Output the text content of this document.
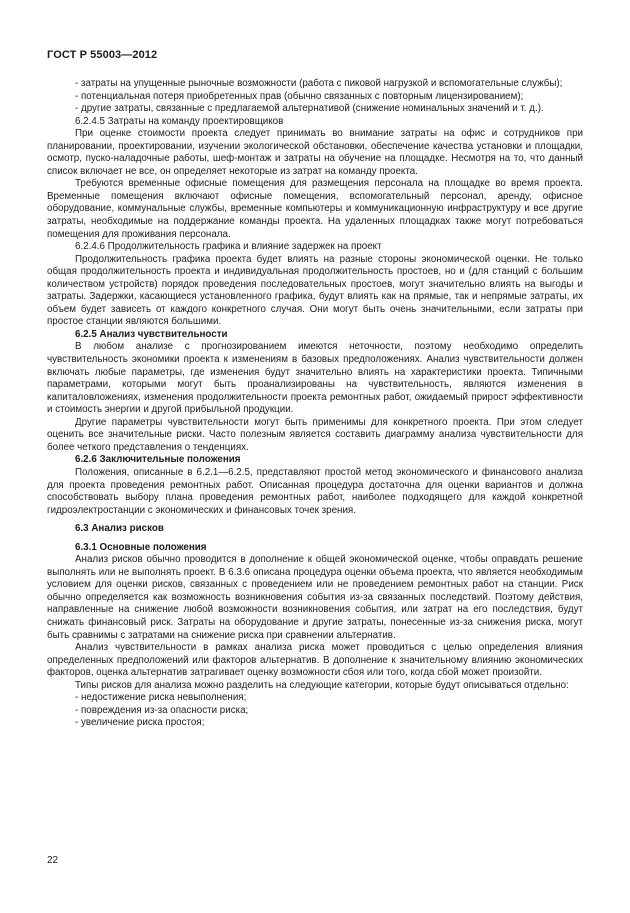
ГОСТ Р 55003—2012

- затраты на упущенные рыночные возможности (работа с пиковой нагрузкой и вспомогательные службы);

- потенциальная потеря приобретенных прав (обычно связанных с повторным лицензированием);

- другие затраты, связанные с предлагаемой альтернативой (снижение номинальных значений и т. д.).

6.2.4.5 Затраты на команду проектировщиков

При оценке стоимости проекта следует принимать во внимание затраты на офис и сотрудников при планировании, проектировании, изучении экологической обстановки, обеспечение качества установки и площадки, осмотр, пуско-наладочные работы, шеф-монтаж и затраты на обучение на площадке. Несмотря на то, что данный список включает не все, он определяет некоторые из затрат на команду проекта.

Требуются временные офисные помещения для размещения персонала на площадке во время проекта. Временные помещения включают офисные помещения, вспомогательный персонал, аренду, офисное оборудование, коммунальные службы, временные компьютеры и коммуникационную инфраструктуру и все другие затраты, необходимые на поддержание команды проекта. На удаленных площадках также могут потребоваться помещения для проживания персонала.

6.2.4.6 Продолжительность графика и влияние задержек на проект

Продолжительность графика проекта будет влиять на разные стороны экономической оценки. Не только общая продолжительность проекта и индивидуальная продолжительность простоев, но и (для станций с большим количеством устройств) порядок проведения последовательных простоев, могут значительно влиять на выгоды и затраты. Задержки, касающиеся установленного графика, будут влиять как на прямые, так и непрямые затраты, их объем будет зависеть от каждого конкретного случая. Они могут быть очень значительными, если затраты при простое станции являются большими.

6.2.5 Анализ чувствительности

В любом анализе с прогнозированием имеются неточности, поэтому необходимо определить чувствительность экономики проекта к изменениям в базовых предположениях. Анализ чувствительности должен включать любые параметры, где изменения будут значительно влиять на характеристики проекта. Типичными параметрами, которыми могут быть проанализированы на чувствительность, являются изменения в капиталовложениях, изменения продолжительности проекта ремонтных работ, ожидаемый прирост эффективности и стоимость энергии и другой прибыльной продукции.

Другие параметры чувствительности могут быть применимы для конкретного проекта. При этом следует оценить все значительные риски. Часто полезным является составить диаграмму анализа чувствительности для более четкого представления о тенденциях.

6.2.6 Заключительные положения

Положения, описанные в 6.2.1—6.2.5, представляют простой метод экономического и финансового анализа для проекта проведения ремонтных работ. Описанная процедура достаточна для оценки вариантов и должна способствовать выбору плана проведения ремонтных работ, наиболее подходящего для каждой конкретной гидроэлектростанции с экономических и финансовых точек зрения.

6.3 Анализ рисков

6.3.1 Основные положения

Анализ рисков обычно проводится в дополнение к общей экономической оценке, чтобы оправдать решение выполнять или не выполнять проект. В 6.3.6 описана процедура оценки объема проекта, что является необходимым условием для оценки рисков, связанных с проведением или не проведением ремонтных работ на станции. Риск обычно определяется как возможность возникновения события из-за связанных последствий. Поэтому действия, направленные на снижение любой возможности возникновения события, или затрат на его последствия, будут снижать финансовый риск. Затраты на оборудование и другие затраты, понесенные из-за снижения риска, могут быть сравнимы с затратами на снижение риска при сравнении альтернатив.

Анализ чувствительности в рамках анализа риска может проводиться с целью определения влияния определенных предположений или факторов альтернатив. В дополнение к значительному влиянию экономических факторов, оценка альтернатив затрагивает оценку возможности сбоя или того, когда сбой может произойти.

Типы рисков для анализа можно разделить на следующие категории, которые будут описываться отдельно:

- недостижение риска невыполнения;

- повреждения из-за опасности риска;

- увеличение риска простоя;

22
